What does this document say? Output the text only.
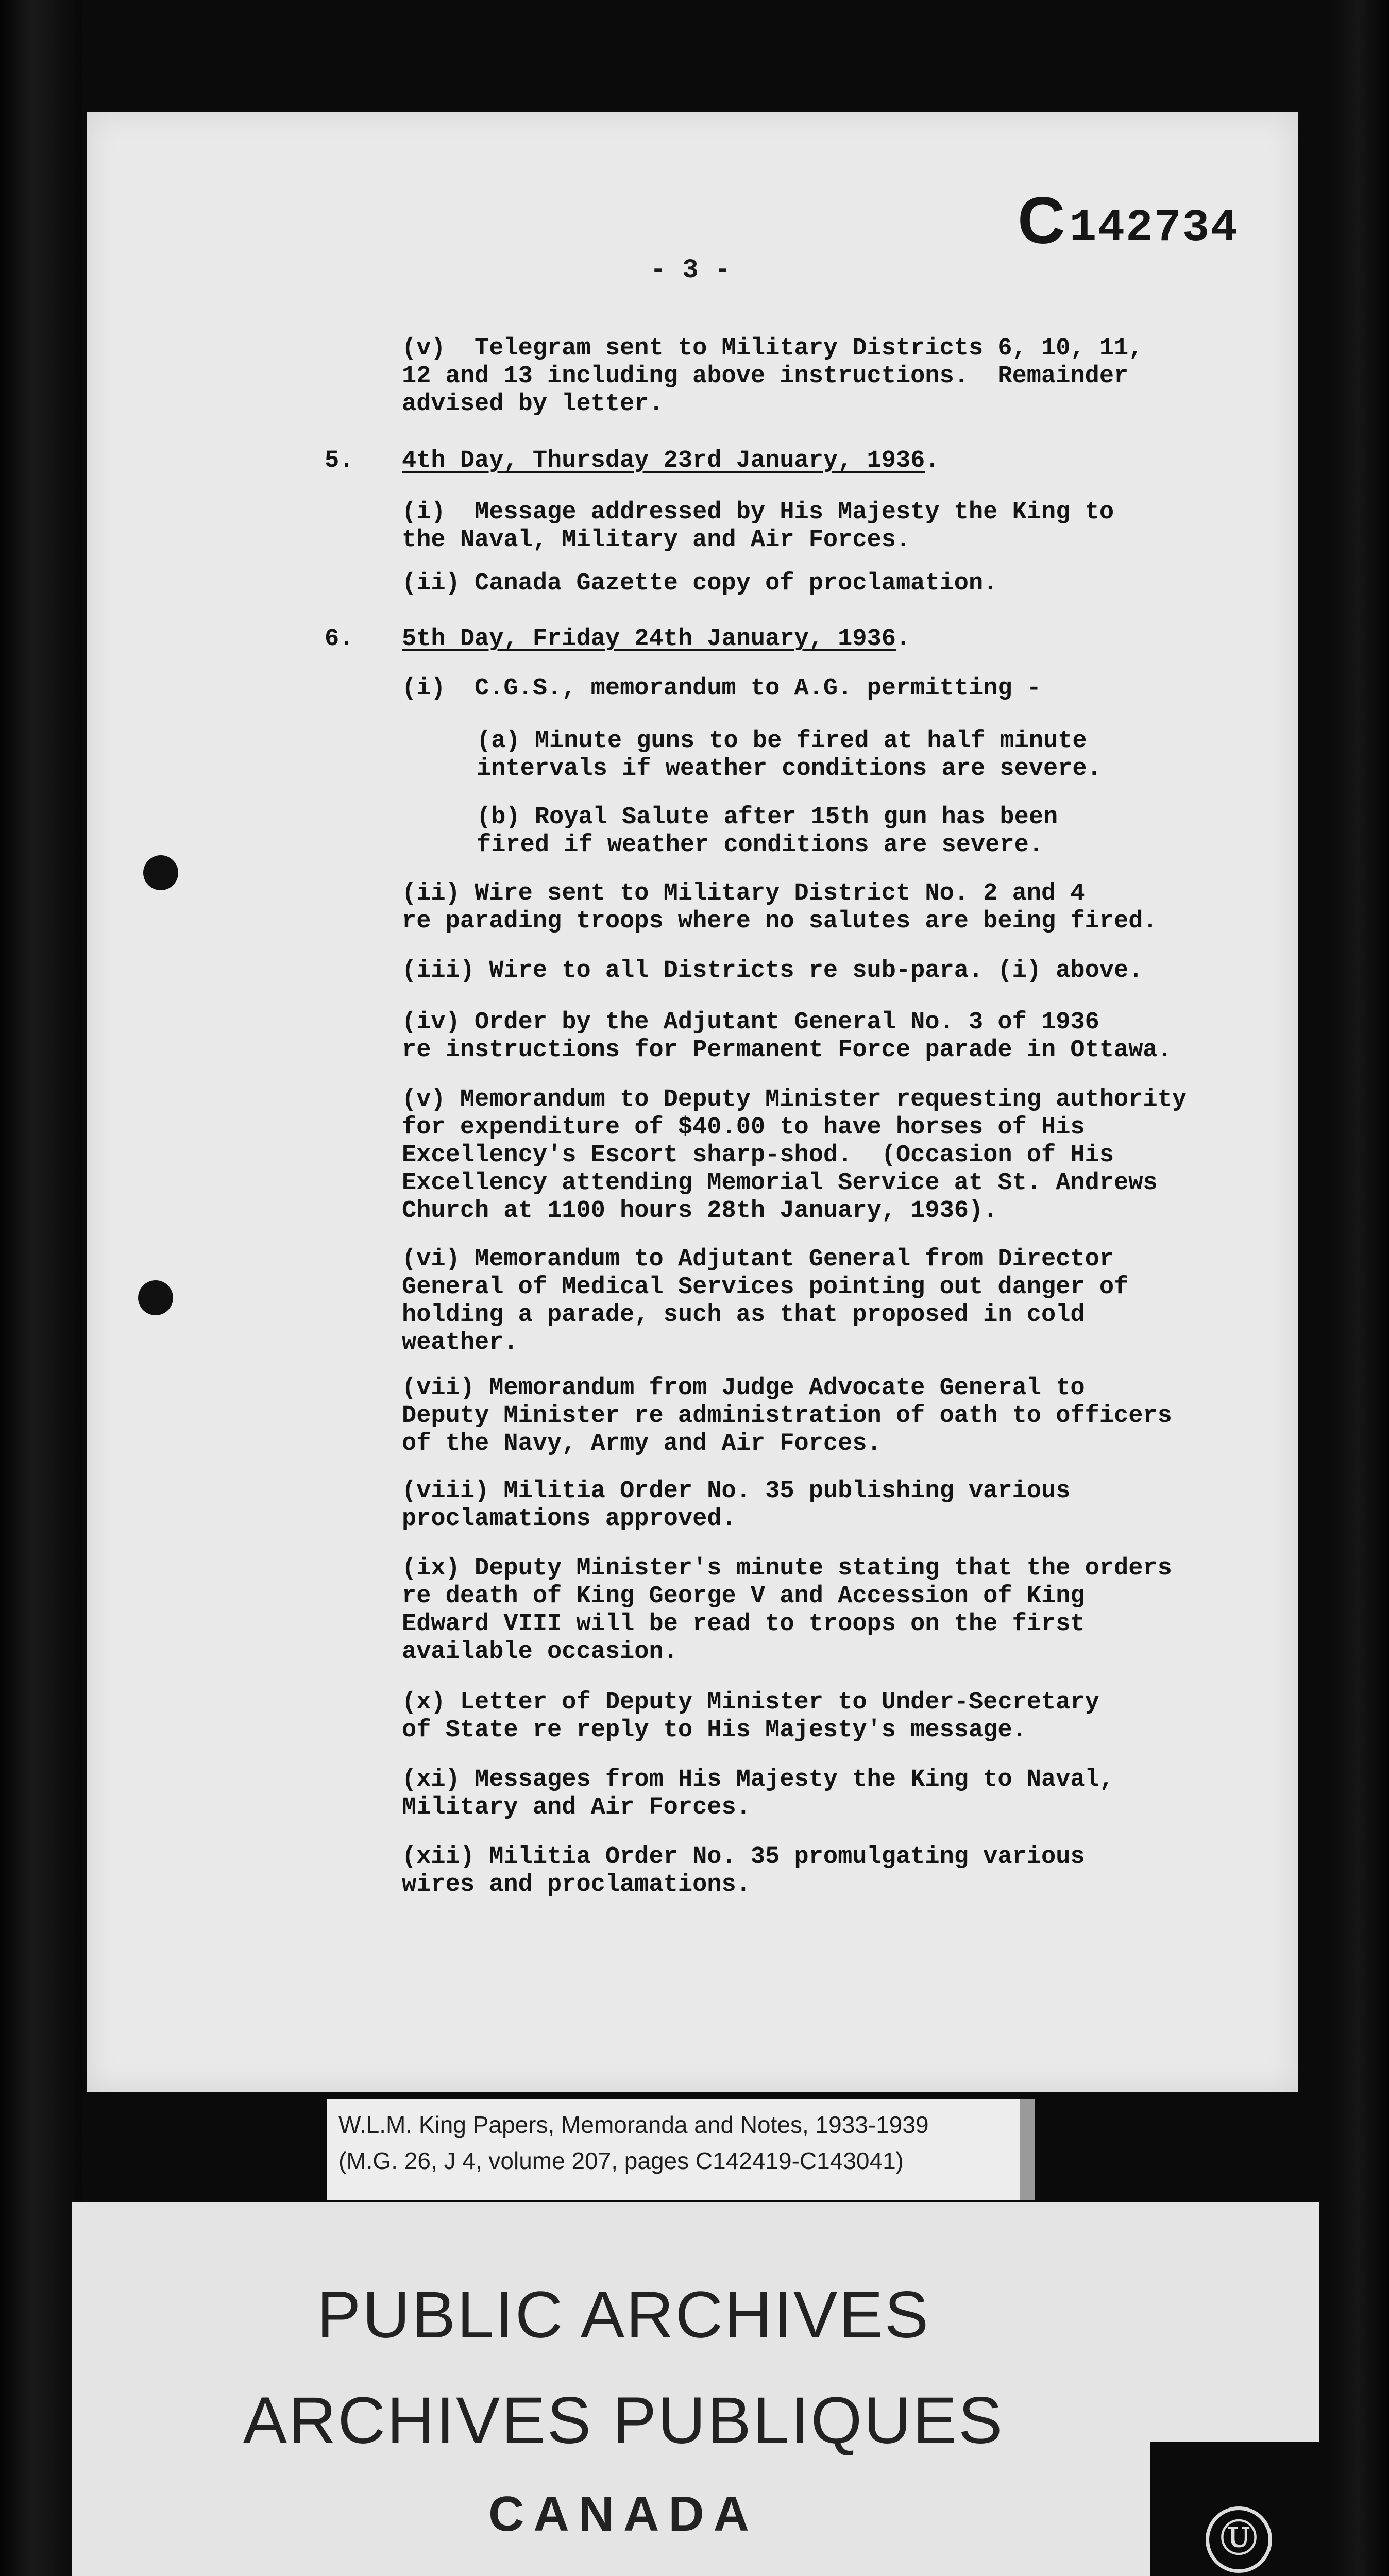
C142734
- 3 -
(v)  Telegram sent to Military Districts 6, 10, 11,
12 and 13 including above instructions.  Remainder
advised by letter.
5. 4th Day, Thursday 23rd January, 1936.
(i)  Message addressed by His Majesty the King to
the Naval, Military and Air Forces.
(ii) Canada Gazette copy of proclamation.
6. 5th Day, Friday 24th January, 1936.
(i)  C.G.S., memorandum to A.G. permitting -
(a) Minute guns to be fired at half minute
intervals if weather conditions are severe.
(b) Royal Salute after 15th gun has been
fired if weather conditions are severe.
(ii) Wire sent to Military District No. 2 and 4
re parading troops where no salutes are being fired.
(iii) Wire to all Districts re sub-para. (i) above.
(iv) Order by the Adjutant General No. 3 of 1936
re instructions for Permanent Force parade in Ottawa.
(v) Memorandum to Deputy Minister requesting authority
for expenditure of $40.00 to have horses of His
Excellency's Escort sharp-shod.  (Occasion of His
Excellency attending Memorial Service at St. Andrews
Church at 1100 hours 28th January, 1936).
(vi) Memorandum to Adjutant General from Director
General of Medical Services pointing out danger of
holding a parade, such as that proposed in cold
weather.
(vii) Memorandum from Judge Advocate General to
Deputy Minister re administration of oath to officers
of the Navy, Army and Air Forces.
(viii) Militia Order No. 35 publishing various
proclamations approved.
(ix) Deputy Minister's minute stating that the orders
re death of King George V and Accession of King
Edward VIII will be read to troops on the first
available occasion.
(x) Letter of Deputy Minister to Under-Secretary
of State re reply to His Majesty's message.
(xi) Messages from His Majesty the King to Naval,
Military and Air Forces.
(xii) Militia Order No. 35 promulgating various
wires and proclamations.
W.L.M. King Papers, Memoranda and Notes, 1933-1939
(M.G. 26, J 4, volume 207, pages C142419-C143041)
PUBLIC ARCHIVES
ARCHIVES PUBLIQUES
CANADA	Ⓤ
